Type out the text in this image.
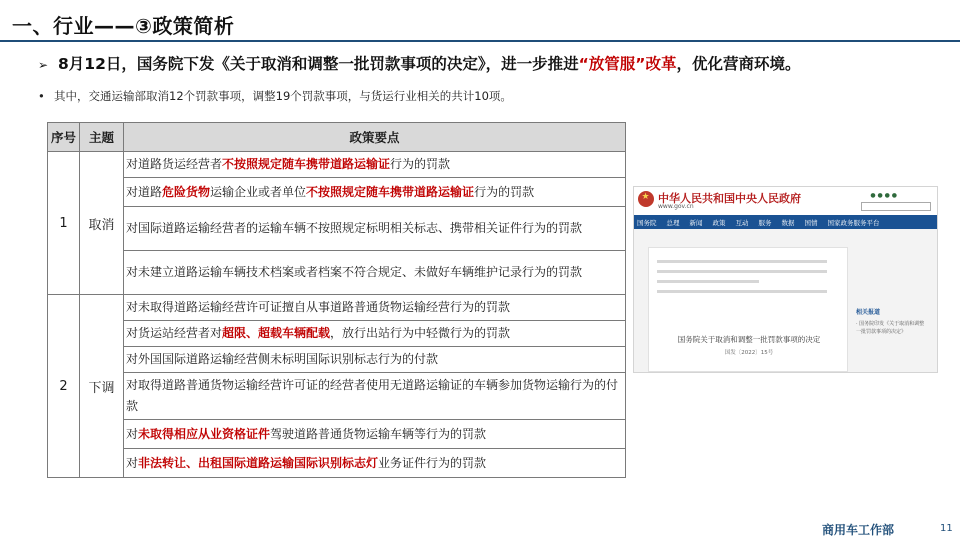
一、行业——③政策简析
➢ 8月12日，国务院下发《关于取消和调整一批罚款事项的决定》，进一步推进“放管服”改革，优化营商环境。
• 其中，交通运输部取消12个罚款事项，调整19个罚款事项，与货运行业相关的共计10项。
序号	主题	政策要点
1	取消	对道路货运经营者不按照规定随车携带道路运输证行为的罚款
		对道路危险货物运输企业或者单位不按照规定随车携带道路运输证行为的罚款
		对国际道路运输经营者的运输车辆不按照规定标明相关标志、携带相关证件行为的罚款
		对未建立道路运输车辆技术档案或者档案不符合规定、未做好车辆维护记录行为的罚款
2	下调	对未取得道路运输经营许可证擅自从事道路普通货物运输经营行为的罚款
		对货运站经营者对超限、超载车辆配载，放行出站行为中轻微行为的罚款
		对外国国际道路运输经营侧未标明国际识别标志行为的付款
		对取得道路普通货物运输经营许可证的经营者使用无道路运输证的车辆参加货物运输行为的付款
		对未取得相应从业资格证件驾驶道路普通货物运输车辆等行为的罚款
		对非法转让、出租国际道路运输国际识别标志灯业务证件行为的罚款
★
中华人民共和国中央人民政府
www.gov.cn
● ● ● ●
国务院 总理 新闻 政策 互动 服务 数据 国情 国家政务服务平台
国务院关于取消和调整一批罚款事项的决定
国发〔2022〕15号
相关报道
· 国务院印发《关于取消和调整
一批罚款事项的决定》
商用车工作部	11
